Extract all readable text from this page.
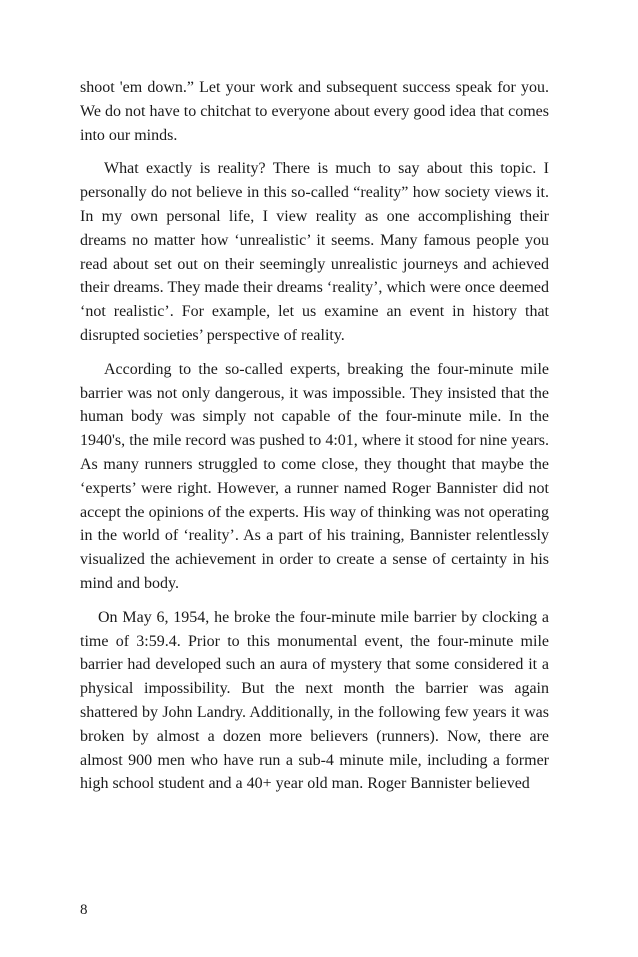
shoot 'em down.” Let your work and subsequent success speak for you. We do not have to chitchat to everyone about every good idea that comes into our minds.

What exactly is reality? There is much to say about this topic. I personally do not believe in this so-called “reality” how society views it. In my own personal life, I view reality as one accomplishing their dreams no matter how ‘unrealistic’ it seems. Many famous people you read about set out on their seemingly unrealistic journeys and achieved their dreams. They made their dreams ‘reality’, which were once deemed ‘not realistic’. For example, let us examine an event in history that disrupted societies’ perspective of reality.

According to the so-called experts, breaking the four-minute mile barrier was not only dangerous, it was impossible. They insisted that the human body was simply not capable of the four-minute mile. In the 1940's, the mile record was pushed to 4:01, where it stood for nine years. As many runners struggled to come close, they thought that maybe the ‘experts’ were right. However, a runner named Roger Bannister did not accept the opinions of the experts. His way of thinking was not operating in the world of ‘reality’. As a part of his training, Bannister relentlessly visualized the achievement in order to create a sense of certainty in his mind and body.

On May 6, 1954, he broke the four-minute mile barrier by clocking a time of 3:59.4. Prior to this monumental event, the four-minute mile barrier had developed such an aura of mystery that some considered it a physical impossibility. But the next month the barrier was again shattered by John Landry. Additionally, in the following few years it was broken by almost a dozen more believers (runners). Now, there are almost 900 men who have run a sub-4 minute mile, including a former high school student and a 40+ year old man. Roger Bannister believed

8
